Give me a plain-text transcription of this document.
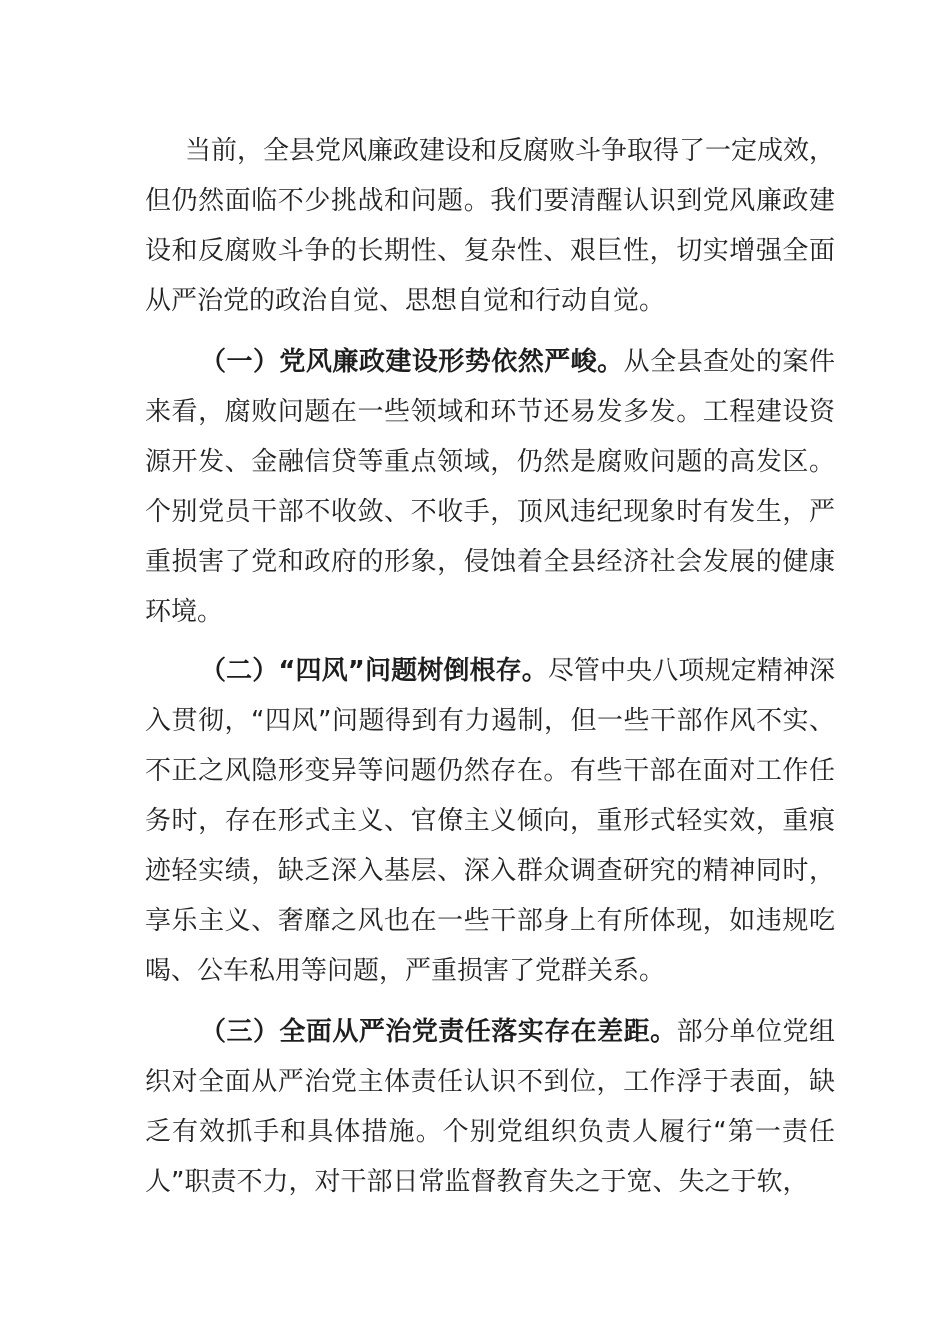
当前，全县党风廉政建设和反腐败斗争取得了一定成效，但仍然面临不少挑战和问题。我们要清醒认识到党风廉政建设和反腐败斗争的长期性、复杂性、艰巨性，切实增强全面从严治党的政治自觉、思想自觉和行动自觉。

（一）党风廉政建设形势依然严峻。从全县查处的案件来看，腐败问题在一些领域和环节还易发多发。工程建设资源开发、金融信贷等重点领域，仍然是腐败问题的高发区。个别党员干部不收敛、不收手，顶风违纪现象时有发生，严重损害了党和政府的形象，侵蚀着全县经济社会发展的健康环境。

（二）“四风”问题树倒根存。尽管中央八项规定精神深入贯彻，“四风”问题得到有力遏制，但一些干部作风不实、不正之风隐形变异等问题仍然存在。有些干部在面对工作任务时，存在形式主义、官僚主义倾向，重形式轻实效，重痕迹轻实绩，缺乏深入基层、深入群众调查研究的精神同时，享乐主义、奢靡之风也在一些干部身上有所体现，如违规吃喝、公车私用等问题，严重损害了党群关系。

（三）全面从严治党责任落实存在差距。部分单位党组织对全面从严治党主体责任认识不到位，工作浮于表面，缺乏有效抓手和具体措施。个别党组织负责人履行“第一责任人”职责不力，对干部日常监督教育失之于宽、失之于软，
